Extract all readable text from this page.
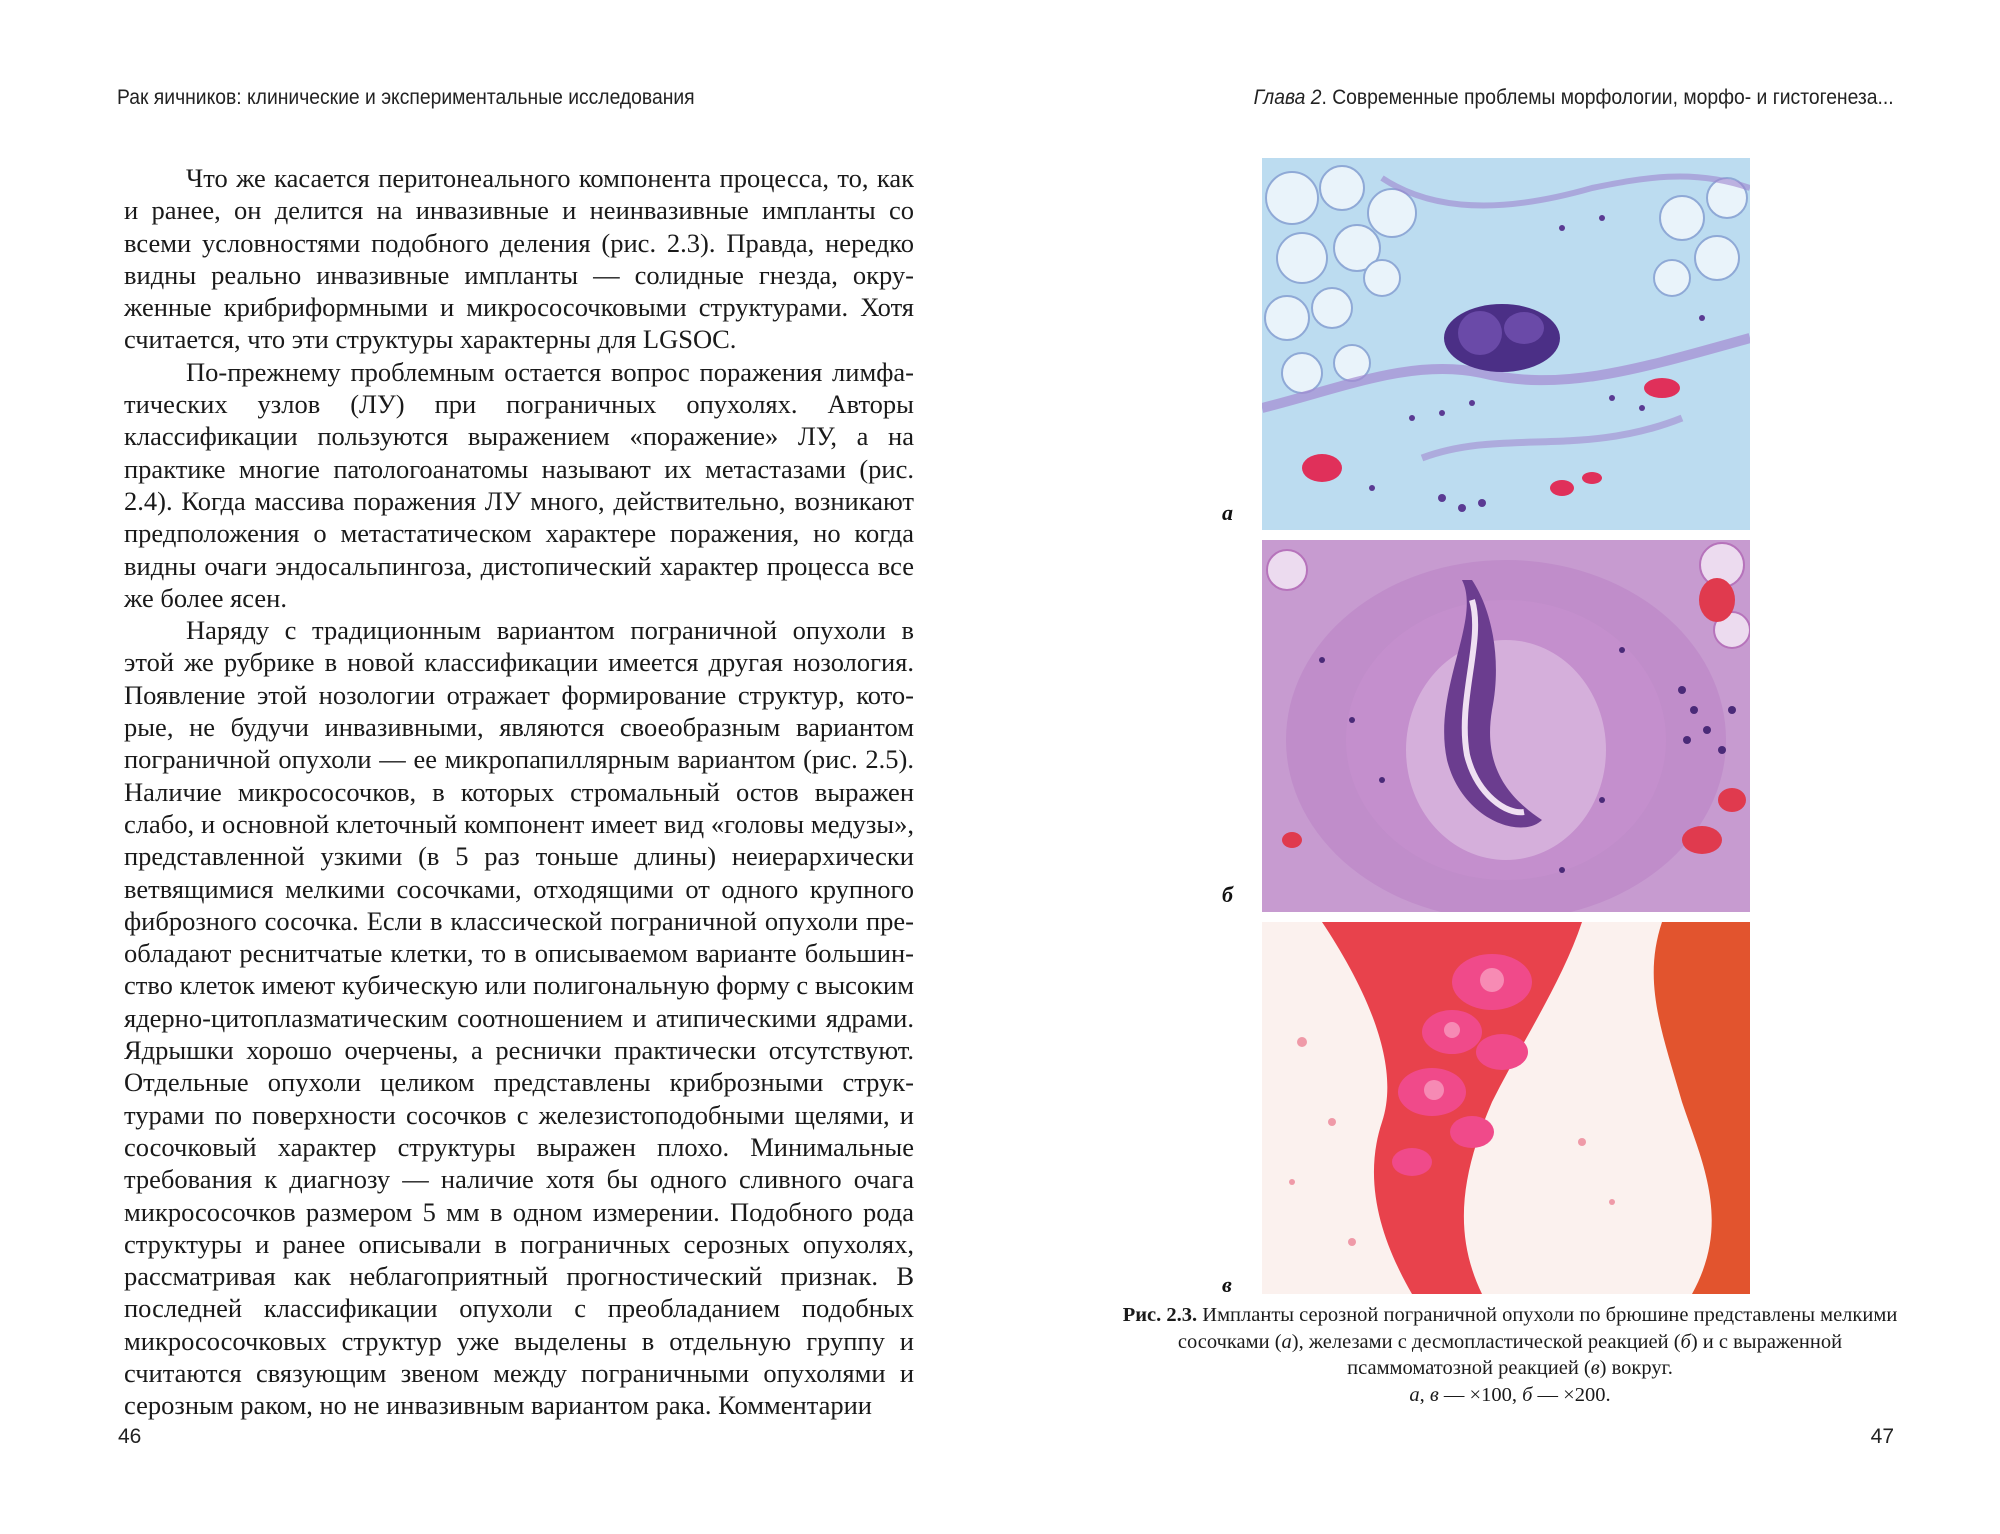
Рак яичников: клинические и экспериментальные исследования

Что же касается перитонеального компонента процесса, то, как и ранее, он делится на инвазивные и неинвазивные импланты со всеми условностями подобного деления (рис. 2.3). Правда, нередко видны реально инвазивные импланты — солидные гнезда, окруженные крибриформными и микрососочковыми структурами. Хотя считается, что эти структуры характерны для LGSOC.

По-прежнему проблемным остается вопрос поражения лимфатических узлов (ЛУ) при пограничных опухолях. Авторы классификации пользуются выражением «поражение» ЛУ, а на практике многие патологоанатомы называют их метастазами (рис. 2.4). Когда массива поражения ЛУ много, действительно, возникают предположения о метастатическом характере поражения, но когда видны очаги эндосальпингоза, дистопический характер процесса все же более ясен.

Наряду с традиционным вариантом пограничной опухоли в этой же рубрике в новой классификации имеется другая нозология. Появление этой нозологии отражает формирование структур, которые, не будучи инвазивными, являются своеобразным вариантом пограничной опухоли — ее микропапиллярным вариантом (рис. 2.5). Наличие микрососочков, в которых стромальный остов выражен слабо, и основной клеточный компонент имеет вид «головы медузы», представленной узкими (в 5 раз тоньше длины) неиерархически ветвящимися мелкими сосочками, отходящими от одного крупного фиброзного сосочка. Если в классической пограничной опухоли преобладают реснитчатые клетки, то в описываемом варианте большинство клеток имеют кубическую или полигональную форму с высоким ядерно-цитоплазматическим соотношением и атипическими ядрами. Ядрышки хорошо очерчены, а реснички практически отсутствуют. Отдельные опухоли целиком представлены криброзными структурами по поверхности сосочков с железистоподобными щелями, и сосочковый характер структуры выражен плохо. Минимальные требования к диагнозу — наличие хотя бы одного сливного очага микрососочков размером 5 мм в одном измерении. Подобного рода структуры и ранее описывали в пограничных серозных опухолях, рассматривая как неблагоприятный прогностический признак. В последней классификации опухоли с преобладанием подобных микрососочковых структур уже выделены в отдельную группу и считаются связующим звеном между пограничными опухолями и серозным раком, но не инвазивным вариантом рака. Комментарии

46
Глава 2. Современные проблемы морфологии, морфо- и гистогенеза...
а
б
в
Рис. 2.3. Импланты серозной пограничной опухоли по брюшине представлены мелкими сосочками (а), железами с десмопластической реакцией (б) и с выраженной псаммоматозной реакцией (в) вокруг.
а, в — ×100, б — ×200.
47
